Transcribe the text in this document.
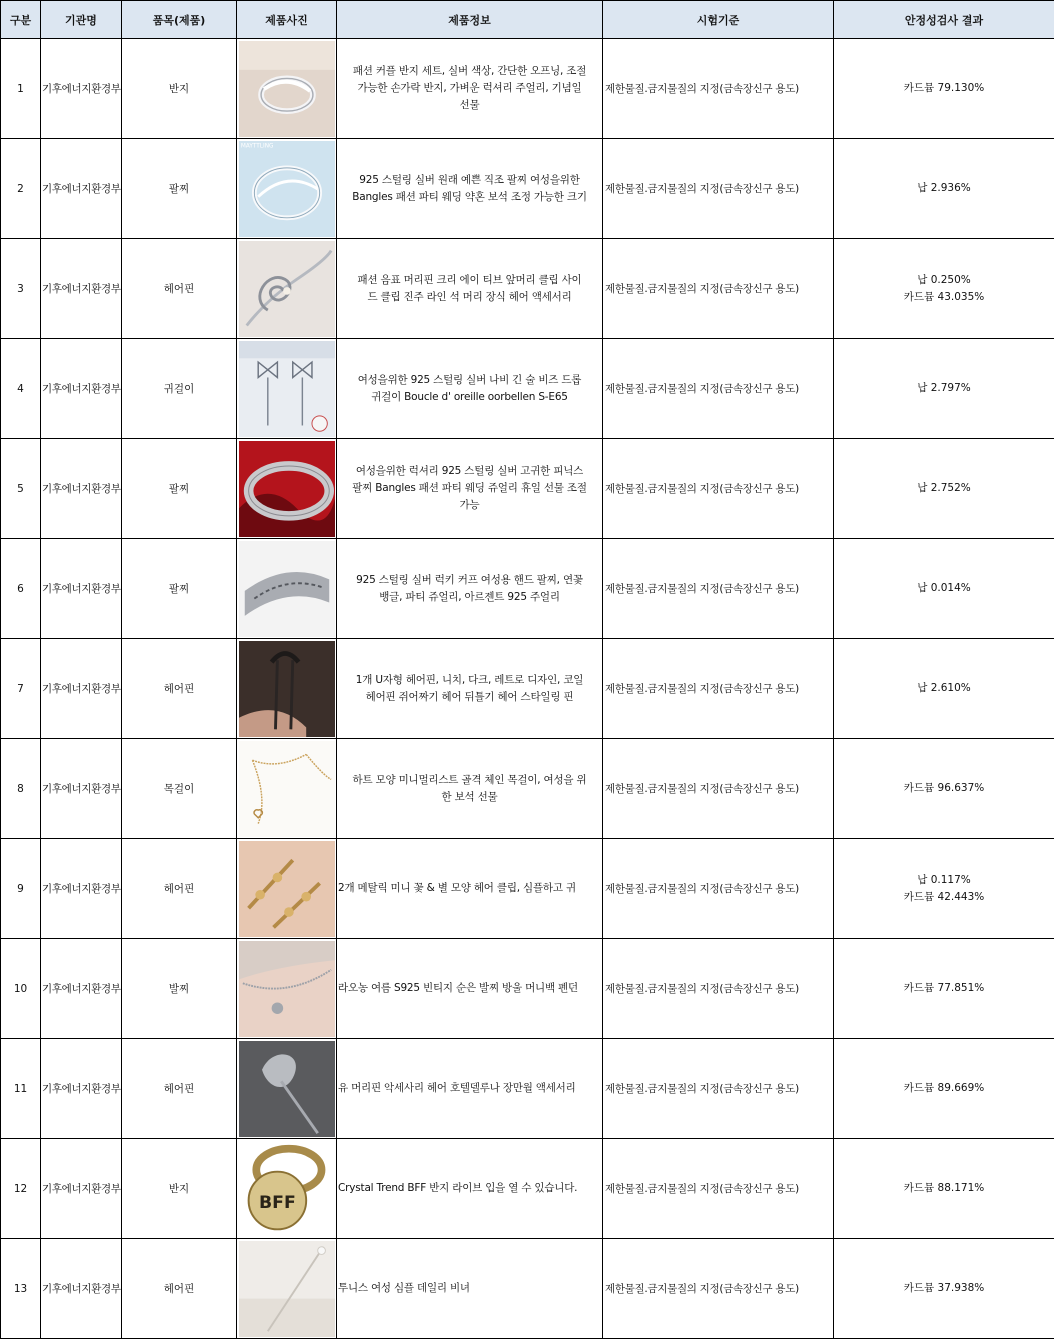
구분	기관명	품목(제품)	제품사진	제품정보	시험기준	안정성검사 결과
1	기후에너지환경부	반지		패션 커플 반지 세트, 실버 색상, 간단한 오프닝, 조절
가능한 손가락 반지, 가벼운 럭셔리 주얼리, 기념일
선물	제한물질.금지물질의 지정(금속장신구 용도)	카드뮴 79.130%
2	기후에너지환경부	팔찌	MAYTTLING	925 스털링 실버 원래 예쁜 직조 팔찌 여성을위한
Bangles 패션 파티 웨딩 약혼 보석 조정 가능한 크기	제한물질.금지물질의 지정(금속장신구 용도)	납 2.936%
3	기후에너지환경부	헤어핀		패션 음표 머리핀 크리 에이 티브 앞머리 클립 사이
드 클립 진주 라인 석 머리 장식 헤어 액세서리	제한물질.금지물질의 지정(금속장신구 용도)	납 0.250%
카드뮴 43.035%
4	기후에너지환경부	귀걸이		여성을위한 925 스털링 실버 나비 긴 술 비즈 드롭
귀걸이 Boucle d' oreille oorbellen S-E65	제한물질.금지물질의 지정(금속장신구 용도)	납 2.797%
5	기후에너지환경부	팔찌		여성을위한 럭셔리 925 스털링 실버 고귀한 피닉스
팔찌 Bangles 패션 파티 웨딩 쥬얼리 휴일 선물 조절
가능	제한물질.금지물질의 지정(금속장신구 용도)	납 2.752%
6	기후에너지환경부	팔찌		925 스털링 실버 럭키 커프 여성용 핸드 팔찌, 연꽃
뱅글, 파티 쥬얼리, 아르젠트 925 주얼리	제한물질.금지물질의 지정(금속장신구 용도)	납 0.014%
7	기후에너지환경부	헤어핀		1개 U자형 헤어핀, 니치, 다크, 레트로 디자인, 코일
헤어핀 쥐어짜기 헤어 뒤틀기 헤어 스타일링 핀	제한물질.금지물질의 지정(금속장신구 용도)	납 2.610%
8	기후에너지환경부	목걸이		하트 모양 미니멀리스트 골격 체인 목걸이, 여성을 위
한 보석 선물	제한물질.금지물질의 지정(금속장신구 용도)	카드뮴 96.637%
9	기후에너지환경부	헤어핀		2개 메탈릭 미니 꽃 & 별 모양 헤어 클립, 심플하고 귀	제한물질.금지물질의 지정(금속장신구 용도)	납 0.117%
카드뮴 42.443%
10	기후에너지환경부	발찌		라오농 여름 S925 빈티지 순은 발찌 방울 머니백 펜던	제한물질.금지물질의 지정(금속장신구 용도)	카드뮴 77.851%
11	기후에너지환경부	헤어핀		유 머리핀 악세사리 헤어 호텔델루나 장만월 액세서리	제한물질.금지물질의 지정(금속장신구 용도)	카드뮴 89.669%
12	기후에너지환경부	반지	BFF	Crystal Trend BFF 반지 라이브 입을 열 수 있습니다.	제한물질.금지물질의 지정(금속장신구 용도)	카드뮴 88.171%
13	기후에너지환경부	헤어핀		투니스 여성 심플 데일리 비녀	제한물질.금지물질의 지정(금속장신구 용도)	카드뮴 37.938%
